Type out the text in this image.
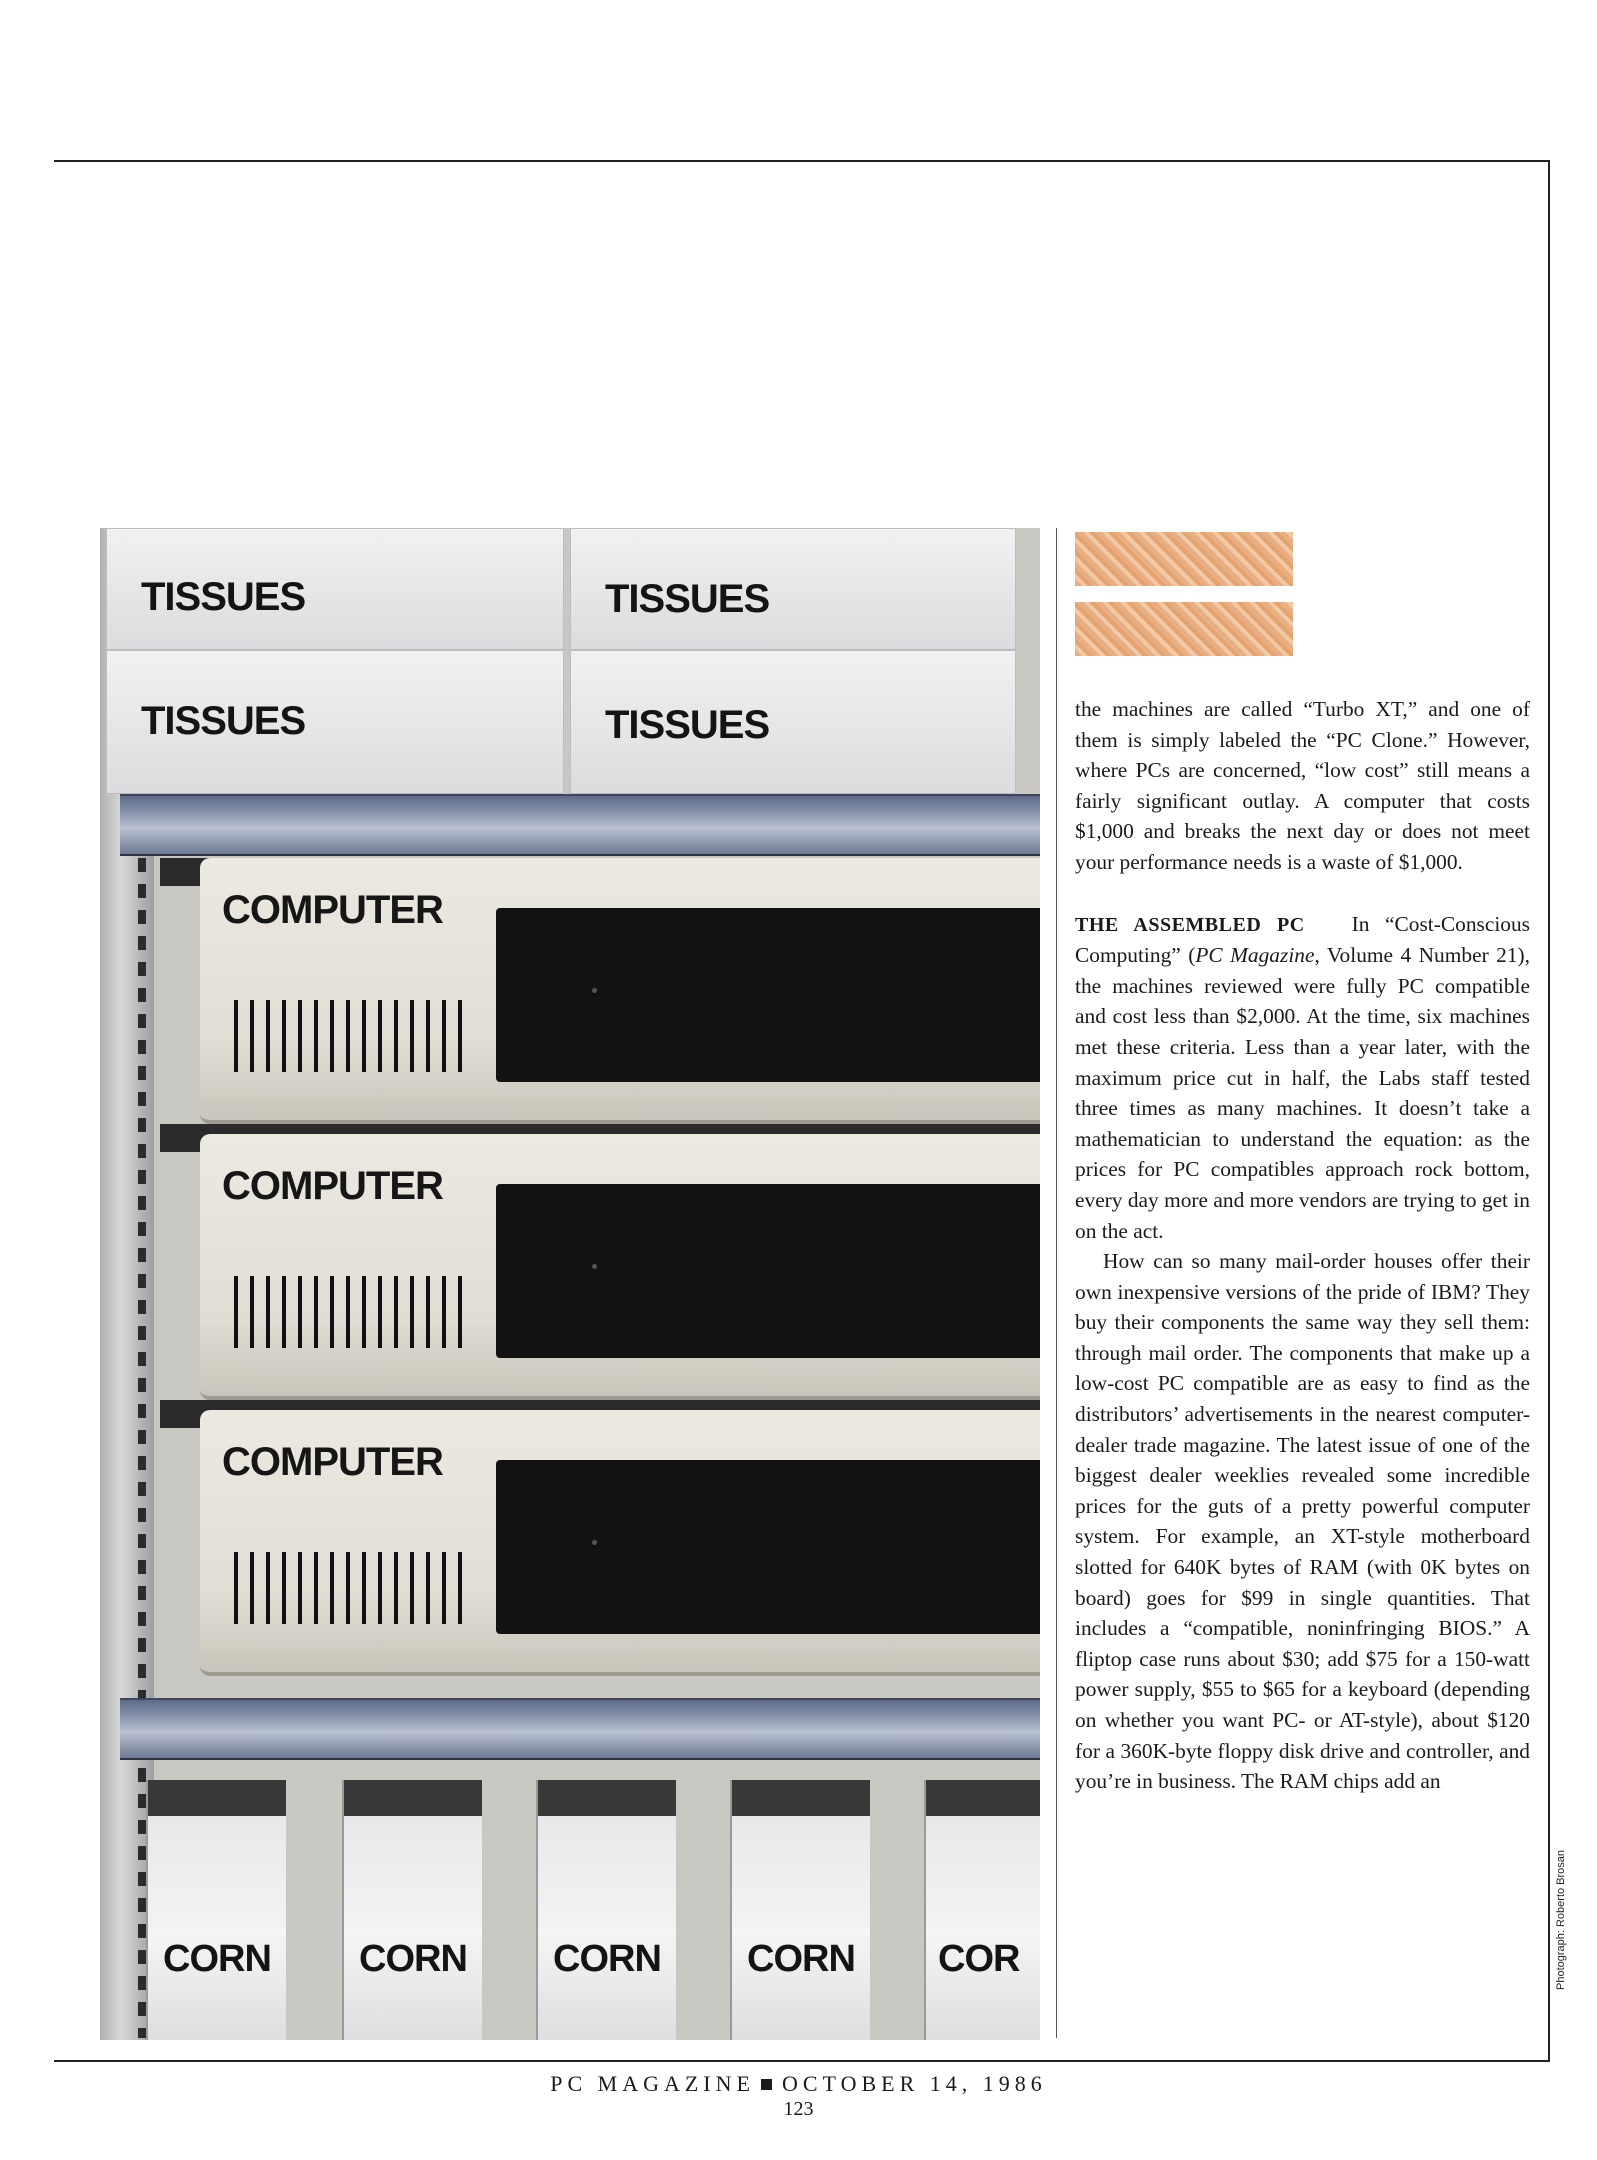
TISSUES	TISSUES
TISSUES	TISSUES
COMPUTER
COMPUTER
COMPUTER
CORN	CORN	CORN	CORN	COR

the machines are called “Turbo XT,” and one of them is simply labeled the “PC Clone.” However, where PCs are concerned, “low cost” still means a fairly significant outlay. A computer that costs $1,000 and breaks the next day or does not meet your performance needs is a waste of $1,000.

THE ASSEMBLED PC In “Cost-Conscious Computing” (PC Magazine, Volume 4 Number 21), the machines reviewed were fully PC compatible and cost less than $2,000. At the time, six machines met these criteria. Less than a year later, with the maximum price cut in half, the Labs staff tested three times as many machines. It doesn’t take a mathematician to understand the equation: as the prices for PC compatibles approach rock bottom, every day more and more vendors are trying to get in on the act.

How can so many mail-order houses offer their own inexpensive versions of the pride of IBM? They buy their components the same way they sell them: through mail order. The components that make up a low-cost PC compatible are as easy to find as the distributors’ advertisements in the nearest computer-dealer trade magazine. The latest issue of one of the biggest dealer weeklies revealed some incredible prices for the guts of a pretty powerful computer system. For example, an XT-style motherboard slotted for 640K bytes of RAM (with 0K bytes on board) goes for $99 in single quantities. That includes a “compatible, noninfringing BIOS.” A fliptop case runs about $30; add $75 for a 150-watt power supply, $55 to $65 for a keyboard (depending on whether you want PC- or AT-style), about $120 for a 360K-byte floppy disk drive and controller, and you’re in business. The RAM chips add an

Photograph: Roberto Brosan
PC MAGAZINE OCTOBER 14, 1986
123
